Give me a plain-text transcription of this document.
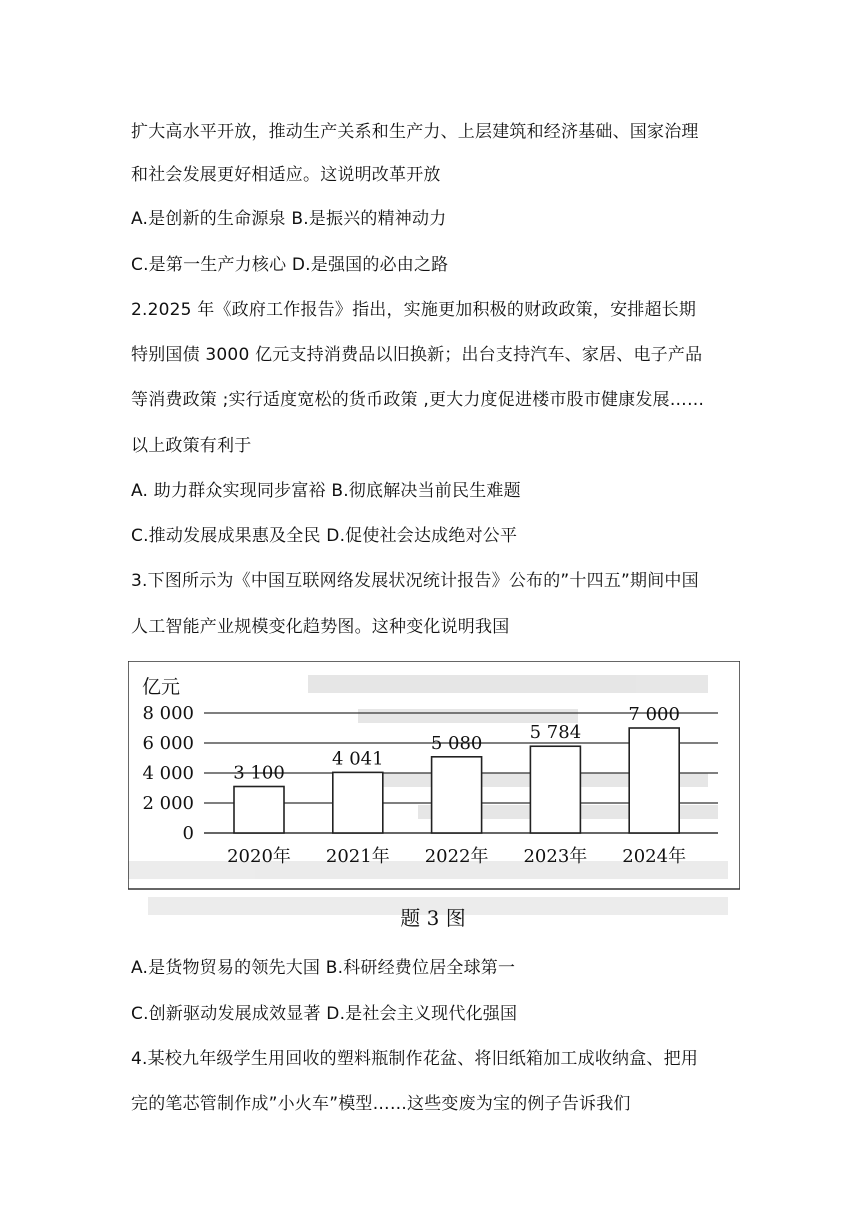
扩大高水平开放，推动生产关系和生产力、上层建筑和经济基础、国家治理
和社会发展更好相适应。这说明改革开放
A.是创新的生命源泉 B.是振兴的精神动力
C.是第一生产力核心 D.是强国的必由之路
2.2025 年《政府工作报告》指出，实施更加积极的财政政策，安排超长期
特别国债 3000 亿元支持消费品以旧换新；出台支持汽车、家居、电子产品
等消费政策 ;实行适度宽松的货币政策 ,更大力度促进楼市股市健康发展……
以上政策有利于
A. 助力群众实现同步富裕 B.彻底解决当前民生难题
C.推动发展成果惠及全民 D.促使社会达成绝对公平
3.下图所示为《中国互联网络发展状况统计报告》公布的”十四五”期间中国
人工智能产业规模变化趋势图。这种变化说明我国
亿元
0
2 000
4 000
6 000
8 000
3 100
4 041
5 080
5 784
7 000
2020年 2021年 2022年 2023年 2024年
题 3 图
A.是货物贸易的领先大国 B.科研经费位居全球第一
C.创新驱动发展成效显著 D.是社会主义现代化强国
4.某校九年级学生用回收的塑料瓶制作花盆、将旧纸箱加工成收纳盒、把用
完的笔芯管制作成”小火车”模型……这些变废为宝的例子告诉我们
